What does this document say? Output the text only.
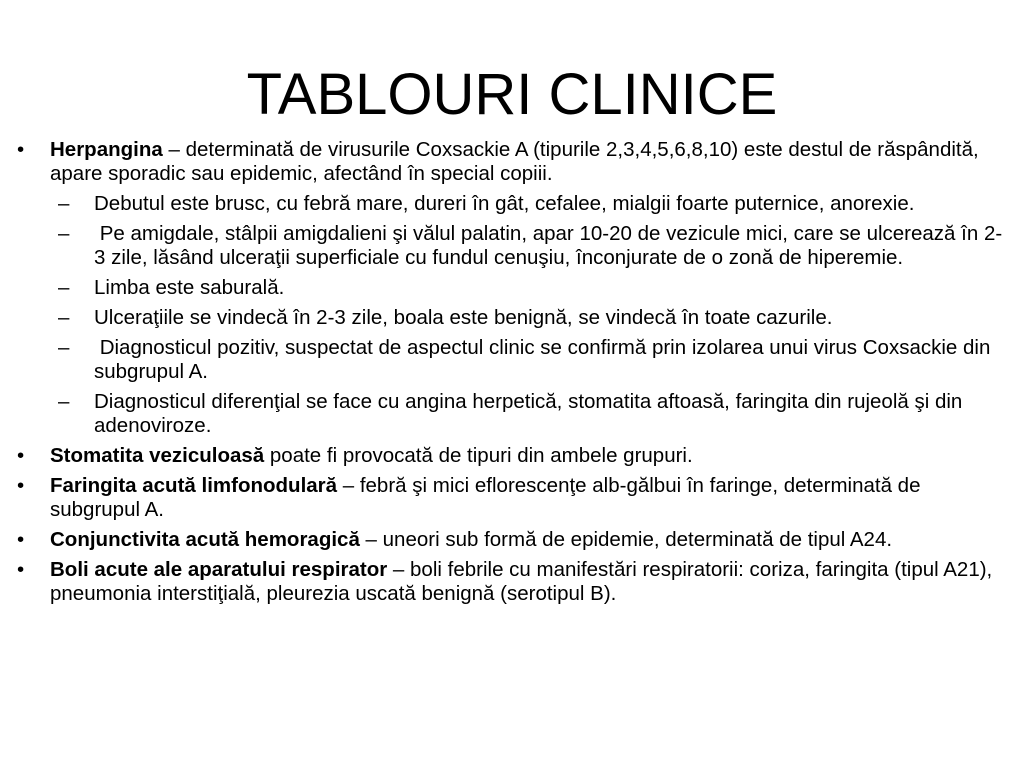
TABLOURI CLINICE
• Herpangina – determinată de virusurile Coxsackie A (tipurile 2,3,4,5,6,8,10) este destul de răspândită, apare sporadic sau epidemic, afectând în special copiii.
– Debutul este brusc, cu febră mare, dureri în gât, cefalee, mialgii foarte puternice, anorexie.
– Pe amigdale, stâlpii amigdalieni şi vălul palatin, apar 10-20 de vezicule mici, care se ulcerează în 2-3 zile, lăsând ulceraţii superficiale cu fundul cenuşiu, înconjurate de o zonă de hiperemie.
– Limba este saburală.
– Ulceraţiile se vindecă în 2-3 zile, boala este benignă, se vindecă în toate cazurile.
– Diagnosticul pozitiv, suspectat de aspectul clinic se confirmă prin izolarea unui virus Coxsackie din subgrupul A.
– Diagnosticul diferenţial se face cu angina herpetică, stomatita aftoasă, faringita din rujeolă şi din adenoviroze.
• Stomatita veziculoasă poate fi provocată de tipuri din ambele grupuri.
• Faringita acută limfonodulară – febră şi mici eflorescenţe alb-gălbui în faringe, determinată de subgrupul A.
• Conjunctivita acută hemoragică – uneori sub formă de epidemie, determinată de tipul A24.
• Boli acute ale aparatului respirator – boli febrile cu manifestări respiratorii: coriza, faringita (tipul A21), pneumonia interstiţială, pleurezia uscată benignă (serotipul B).
